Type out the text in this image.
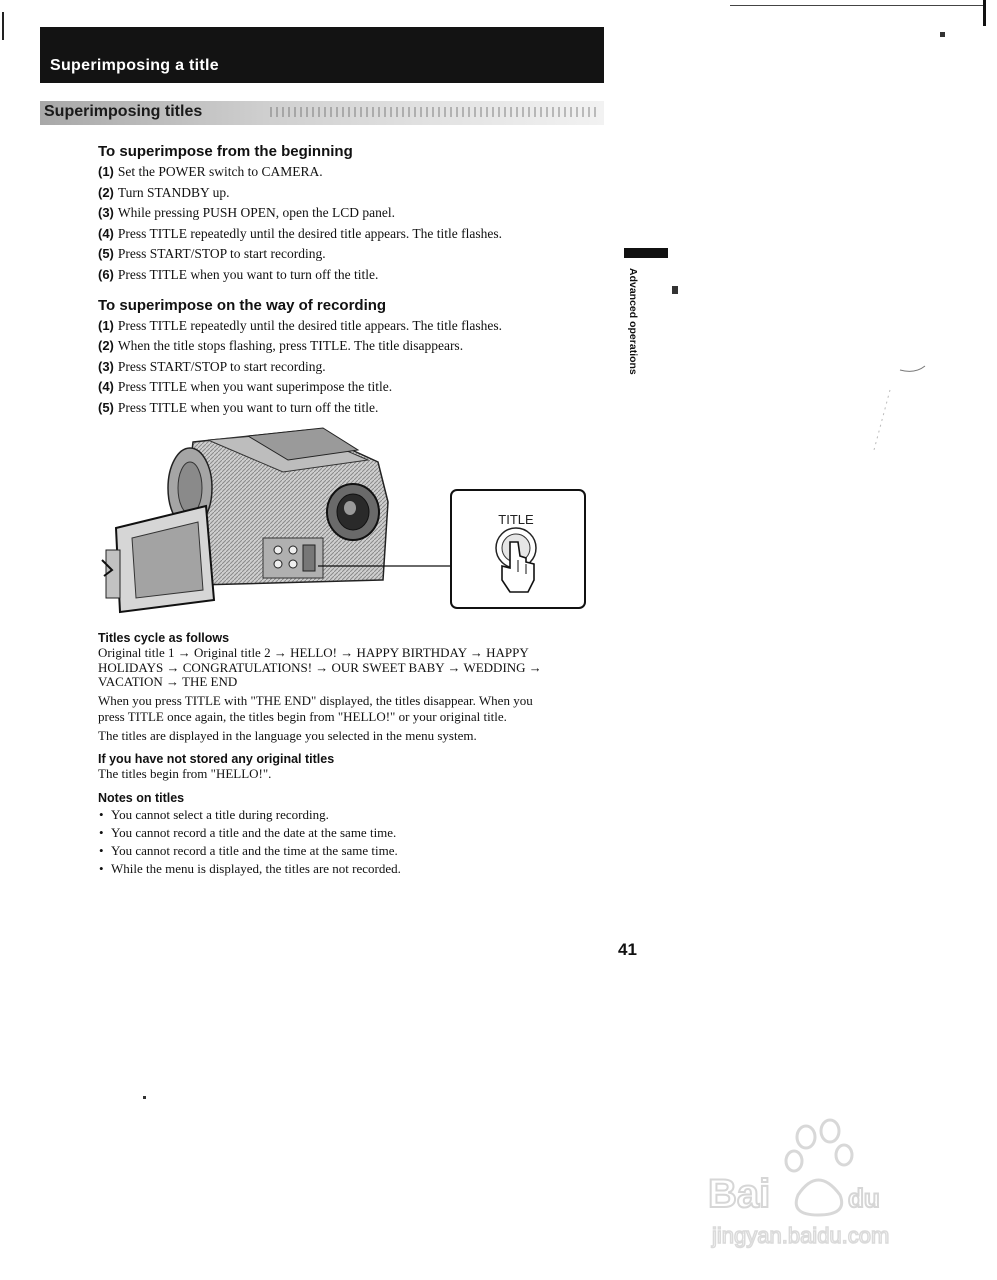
Superimposing a title
Superimposing titles
To superimpose from the beginning
(1) Set the POWER switch to CAMERA.
(2) Turn STANDBY up.
(3) While pressing PUSH OPEN, open the LCD panel.
(4) Press TITLE repeatedly until the desired title appears. The title flashes.
(5) Press START/STOP to start recording.
(6) Press TITLE when you want to turn off the title.
To superimpose on the way of recording
(1) Press TITLE repeatedly until the desired title appears. The title flashes.
(2) When the title stops flashing, press TITLE. The title disappears.
(3) Press START/STOP to start recording.
(4) Press TITLE when you want superimpose the title.
(5) Press TITLE when you want to turn off the title.
TITLE
Titles cycle as follows

Original title 1 → Original title 2 → HELLO! → HAPPY BIRTHDAY → HAPPY

HOLIDAYS → CONGRATULATIONS! → OUR SWEET BABY → WEDDING →

VACATION → THE END

When you press TITLE with "THE END" displayed, the titles disappear. When you

press TITLE once again, the titles begin from "HELLO!" or your original title.

The titles are displayed in the language you selected in the menu system.

If you have not stored any original titles

The titles begin from "HELLO!".

Notes on titles
• You cannot select a title during recording.
• You cannot record a title and the date at the same time.
• You cannot record a title and the time at the same time.
• While the menu is displayed, the titles are not recorded.
Advanced operations
41
Bai	du
jingyan.baidu.com
